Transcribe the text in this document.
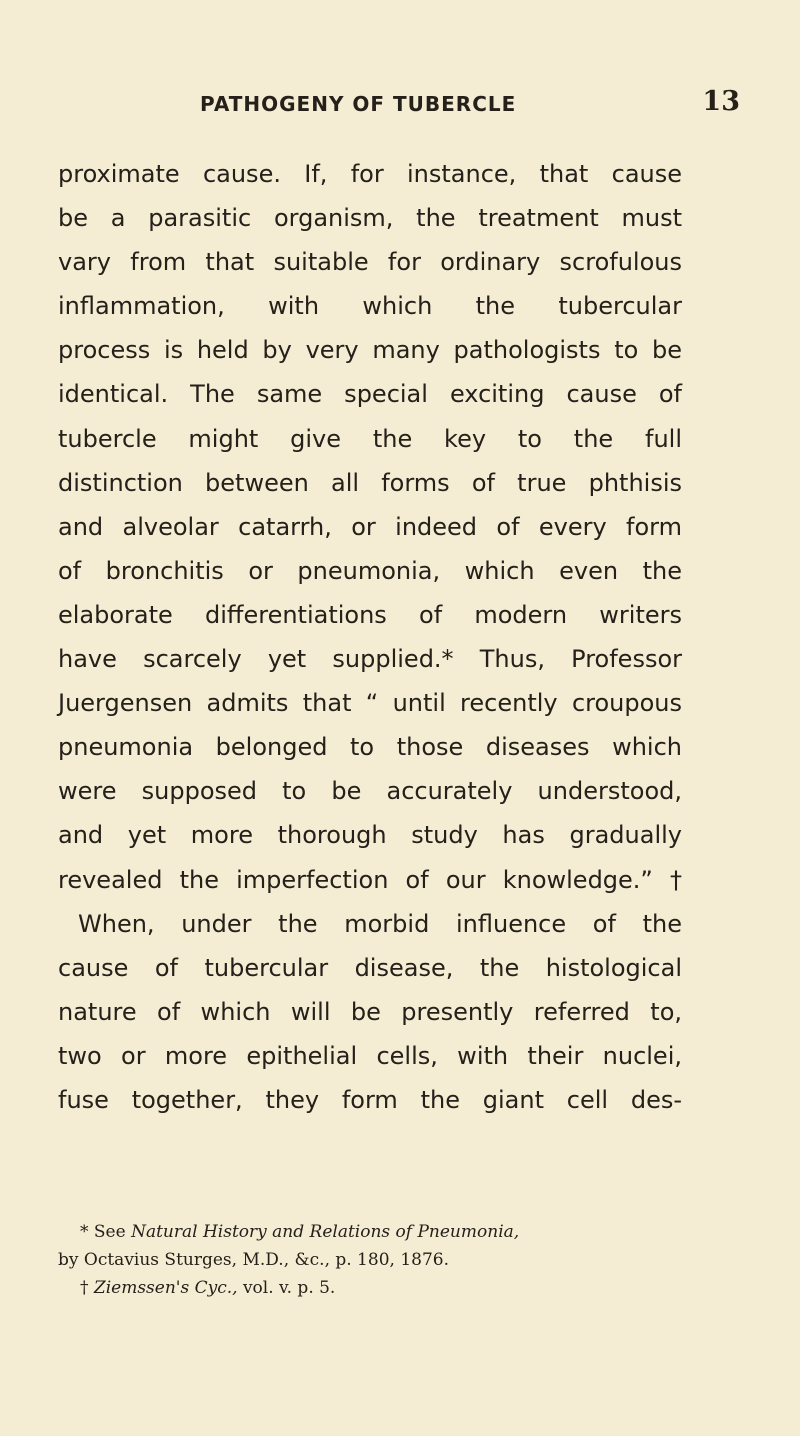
PATHOGENY OF TUBERCLE	13
proximate cause. If, for instance, that cause
be a parasitic organism, the treatment must
vary from that suitable for ordinary scrofulous
inflammation, with which the tubercular
process is held by very many pathologists to be
identical. The same special exciting cause of
tubercle might give the key to the full
distinction between all forms of true phthisis
and alveolar catarrh, or indeed of every form
of bronchitis or pneumonia, which even the
elaborate differentiations of modern writers
have scarcely yet supplied.* Thus, Professor
Juergensen admits that “ until recently croupous
pneumonia belonged to those diseases which
were supposed to be accurately understood,
and yet more thorough study has gradually
revealed the imperfection of our knowledge.” †
When, under the morbid influence of the
cause of tubercular disease, the histological
nature of which will be presently referred to,
two or more epithelial cells, with their nuclei,
fuse together, they form the giant cell des-
* See Natural History and Relations of Pneumonia,
by Octavius Sturges, M.D., &c., p. 180, 1876.
† Ziemssen's Cyc., vol. v. p. 5.
